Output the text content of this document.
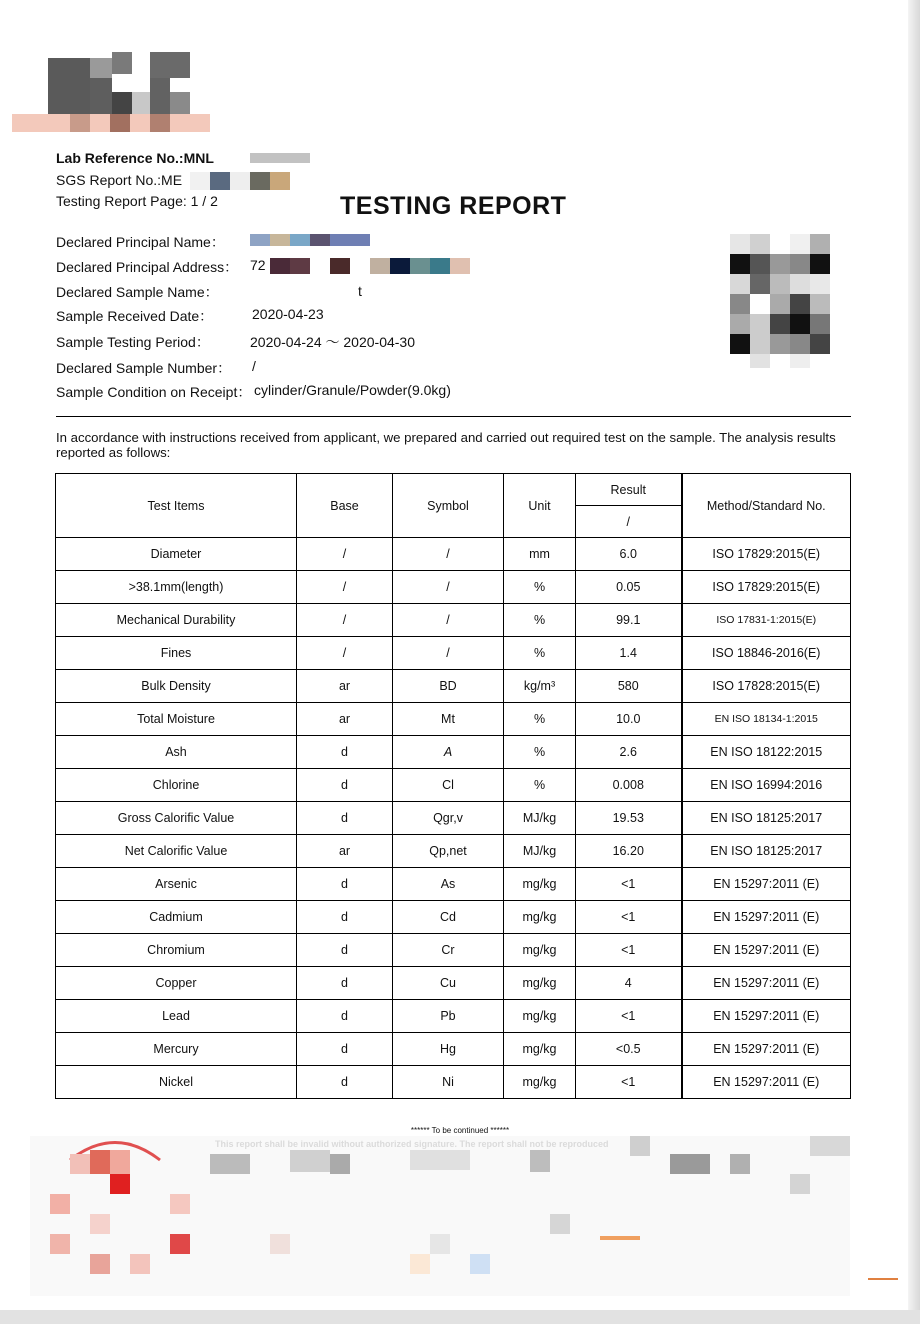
Lab Reference No.:MNL
SGS Report No.:ME
Testing Report Page: 1 / 2	TESTING REPORT
Declared Principal Name：
Declared Principal Address： 72
Declared Sample Name：	t
Sample Received Date：	2020-04-23
Sample Testing Period：	2020-04-24 ～ 2020-04-30
Declared Sample Number： /
Sample Condition on Receipt： cylinder/Granule/Powder(9.0kg)
In accordance with instructions received from applicant, we prepared and carried out required test on the sample. The analysis results reported as follows:
Test Items	Base	Symbol	Unit	Result	Method/Standard No.
				/	
Diameter	/	/	mm	6.0	ISO 17829:2015(E)
>38.1mm(length)	/	/	%	0.05	ISO 17829:2015(E)
Mechanical Durability	/	/	%	99.1	ISO 17831-1:2015(E)
Fines	/	/	%	1.4	ISO 18846-2016(E)
Bulk Density	ar	BD	kg/m³	580	ISO 17828:2015(E)
Total Moisture	ar	Mt	%	10.0	EN ISO 18134-1:2015
Ash	d	A	%	2.6	EN ISO 18122:2015
Chlorine	d	Cl	%	0.008	EN ISO 16994:2016
Gross Calorific Value	d	Qgr,v	MJ/kg	19.53	EN ISO 18125:2017
Net Calorific Value	ar	Qp,net	MJ/kg	16.20	EN ISO 18125:2017
Arsenic	d	As	mg/kg	<1	EN 15297:2011 (E)
Cadmium	d	Cd	mg/kg	<1	EN 15297:2011 (E)
Chromium	d	Cr	mg/kg	<1	EN 15297:2011 (E)
Copper	d	Cu	mg/kg	4	EN 15297:2011 (E)
Lead	d	Pb	mg/kg	<1	EN 15297:2011 (E)
Mercury	d	Hg	mg/kg	<0.5	EN 15297:2011 (E)
Nickel	d	Ni	mg/kg	<1	EN 15297:2011 (E)
****** To be continued ******
